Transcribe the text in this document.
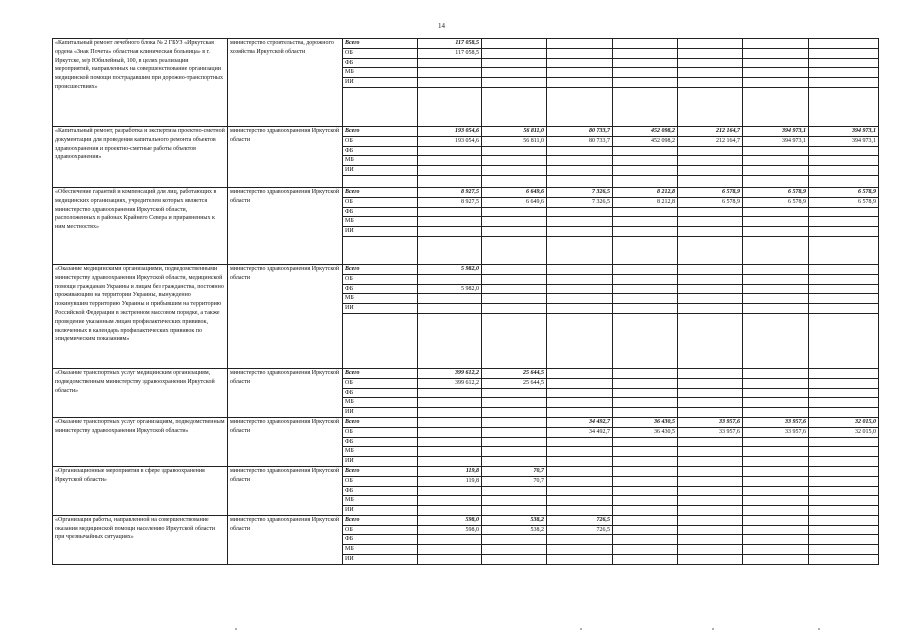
14
«Капитальный ремонт лечебного блока № 2 ГБУЗ «Иркутская ордена «Знак Почета» областная клиническая больница» в г. Иркутске, м/р Юбилейный, 100, в целях реализации мероприятий, направленных на совершенствование организации медицинской помощи пострадавшим при дорожно-транспортных происшествиях»	министерство строительства, дорожного хозяйства Иркутской области	Всего	117 058,5						
		ОБ	117 058,5						
		ФБ							
		МБ							
		ИИ							

«Капитальный ремонт, разработка и экспертиза проектно-сметной документации для проведения капитального ремонта объектов здравоохранения и проектно-сметные работы объектов здравоохранения»	министерство здравоохранения Иркутской области	Всего	193 054,6	56 811,0	80 733,7	452 098,2	212 164,7	394 973,1	394 973,1
		ОБ	193 054,6	56 811,0	80 733,7	452 098,2	212 164,7	394 973,1	394 973,1
		ФБ							
		МБ							
		ИИ							

«Обеспечение гарантий и компенсаций для лиц, работающих в медицинских организациях, учредителем которых является министерство здравоохранения Иркутской области, расположенных в районах Крайнего Севера и приравненных к ним местностях»	министерство здравоохранения Иркутской области	Всего	8 927,5	6 649,6	7 326,5	8 212,8	6 578,9	6 578,9	6 578,9
		ОБ	8 927,5	6 649,6	7 326,5	8 212,8	6 578,9	6 578,9	6 578,9
		ФБ							
		МБ							
		ИИ							

«Оказание медицинскими организациями, подведомственными министерству здравоохранения Иркутской области, медицинской помощи гражданам Украины и лицам без гражданства, постоянно проживающим на территории Украины, вынужденно покинувшим территорию Украины и прибывшим на территорию Российской Федерации в экстренном массовом порядке, а также проведение указанным лицам профилактических прививок, включенных в календарь профилактических прививок по эпидемическим показаниям»	министерство здравоохранения Иркутской области	Всего	5 982,0						
		ОБ							
		ФБ	5 982,0						
		МБ							
		ИИ							

«Оказание транспортных услуг медицинским организациям, подведомственным министерству здравоохранения Иркутской области»	министерство здравоохранения Иркутской области	Всего	399 612,2	25 644,5					
		ОБ	399 612,2	25 644,5					
		ФБ							
		МБ							
		ИИ							
«Оказание транспортных услуг организациям, подведомственным министерству здравоохранения Иркутской области»	министерство здравоохранения Иркутской области	Всего			34 492,7	36 430,5	33 957,6	33 957,6	32 015,0
		ОБ			34 492,7	36 430,5	33 957,6	33 957,6	32 015,0
		ФБ							
		МБ							
		ИИ							
«Организационные мероприятия в сфере здравоохранения Иркутской области»	министерство здравоохранения Иркутской области	Всего	119,8	70,7					
		ОБ	119,8	70,7					
		ФБ							
		МБ							
		ИИ							
«Организация работы, направленной на совершенствование оказания медицинской помощи населению Иркутской области при чрезвычайных ситуациях»	министерство здравоохранения Иркутской области	Всего	598,0	538,2	726,5				
		ОБ	598,0	538,2	726,5				
		ФБ							
		МБ							
		ИИ							
